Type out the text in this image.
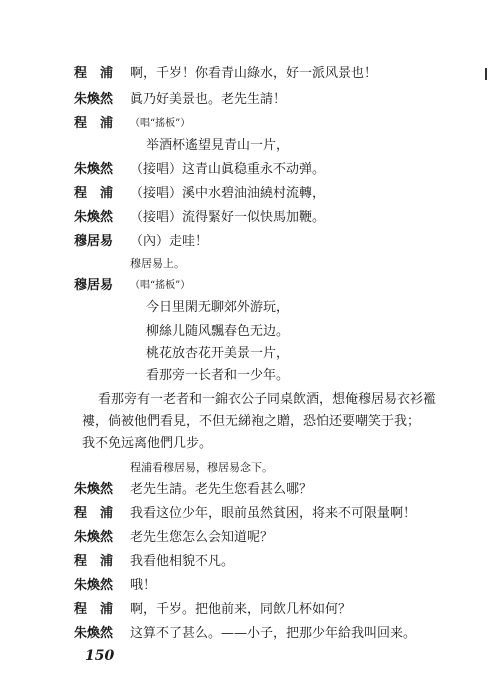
程　浦	啊，千岁！你看青山綠水，好一派风景也！
朱煥然	眞乃好美景也。老先生請！
程　浦	（唱“搖板”）
举酒杯遙望見青山一片，
朱煥然	（接唱）这青山眞稳重永不动弹。
程　浦	（接唱）溪中水碧油油繞村流轉，
朱煥然	（接唱）流得緊好一似快馬加鞭。
穆居易	（內）走哇！
穆居易上。
穆居易	（唱“搖板”）
今日里閑无聊郊外游玩，
柳絲儿随风飄春色无边。
桃花放杏花开美景一片，
看那旁一长者和一少年。
看那旁有一老者和一錦衣公子同桌飲酒，想俺穆居易衣衫襤
褸，倘被他們看見，不但无綈袍之贈，恐怕还要嘲笑于我；
我不免远离他們几步。
程浦看穆居易，穆居易念下。
朱煥然	老先生請。老先生您看甚么哪？
程　浦	我看这位少年，眼前虽然貧困，将来不可限量啊！
朱煥然	老先生您怎么会知道呢？
程　浦	我看他相貌不凡。
朱煥然	哦！
程　浦	啊，千岁。把他前来，同飲几杯如何？
朱煥然	这算不了甚么。——小子，把那少年給我叫回来。
150
